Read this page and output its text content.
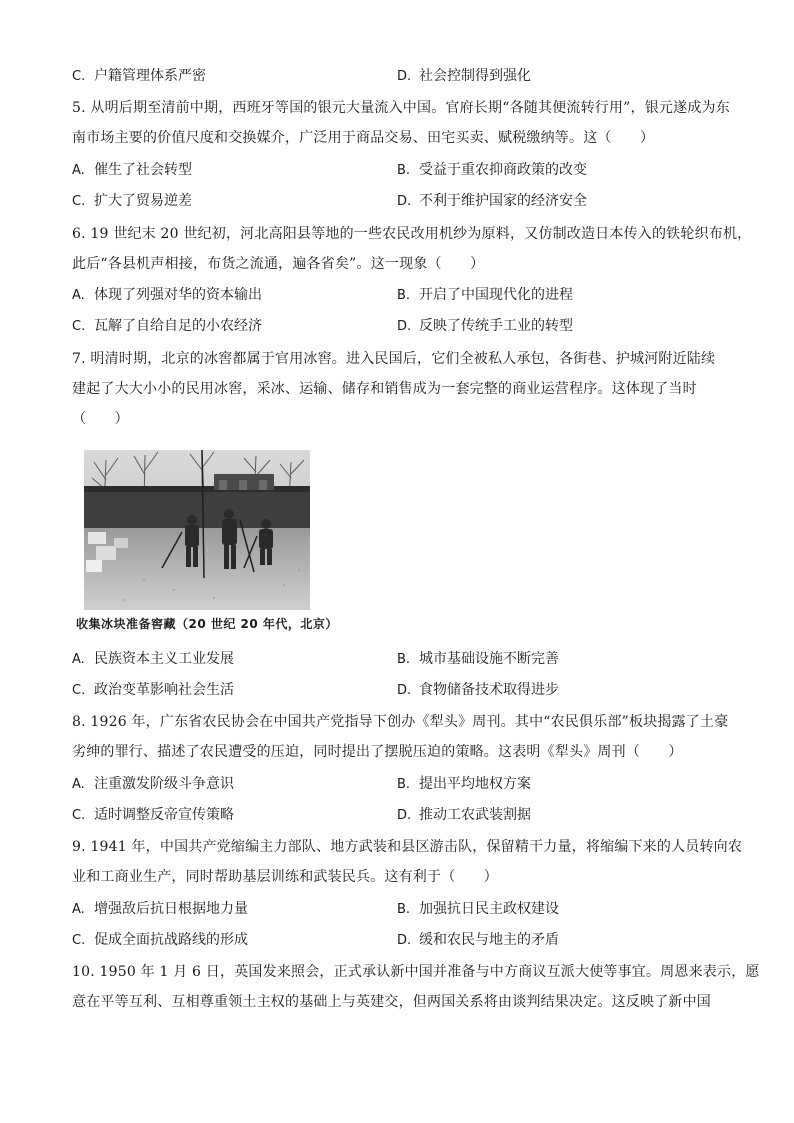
C. 户籍管理体系严密	D. 社会控制得到强化
5. 从明后期至清前中期，西班牙等国的银元大量流入中国。官府长期“各随其便流转行用”，银元遂成为东
南市场主要的价值尺度和交换媒介，广泛用于商品交易、田宅买卖、赋税缴纳等。这（　　）
A. 催生了社会转型	B. 受益于重农抑商政策的改变
C. 扩大了贸易逆差	D. 不利于维护国家的经济安全
6. 19 世纪末 20 世纪初，河北高阳县等地的一些农民改用机纱为原料，又仿制改造日本传入的铁轮织布机，
此后“各县机声相接，布货之流通，遍各省矣”。这一现象（　　）
A. 体现了列强对华的资本输出	B. 开启了中国现代化的进程
C. 瓦解了自给自足的小农经济	D. 反映了传统手工业的转型
7. 明清时期，北京的冰窖都属于官用冰窖。进入民国后，它们全被私人承包，各街巷、护城河附近陆续
建起了大大小小的民用冰窖，采冰、运输、储存和销售成为一套完整的商业运营程序。这体现了当时
（　　）
收集冰块准备窖藏（20 世纪 20 年代，北京）
A. 民族资本主义工业发展	B. 城市基础设施不断完善
C. 政治变革影响社会生活	D. 食物储备技术取得进步
8. 1926 年，广东省农民协会在中国共产党指导下创办《犁头》周刊。其中“农民俱乐部”板块揭露了土豪
劣绅的罪行、描述了农民遭受的压迫，同时提出了摆脱压迫的策略。这表明《犁头》周刊（　　）
A. 注重激发阶级斗争意识	B. 提出平均地权方案
C. 适时调整反帝宣传策略	D. 推动工农武装割据
9. 1941 年，中国共产党缩编主力部队、地方武装和县区游击队，保留精干力量，将缩编下来的人员转向农
业和工商业生产，同时帮助基层训练和武装民兵。这有利于（　　）
A. 增强敌后抗日根据地力量	B. 加强抗日民主政权建设
C. 促成全面抗战路线的形成	D. 缓和农民与地主的矛盾
10. 1950 年 1 月 6 日，英国发来照会，正式承认新中国并准备与中方商议互派大使等事宜。周恩来表示，愿
意在平等互利、互相尊重领土主权的基础上与英建交，但两国关系将由谈判结果决定。这反映了新中国
